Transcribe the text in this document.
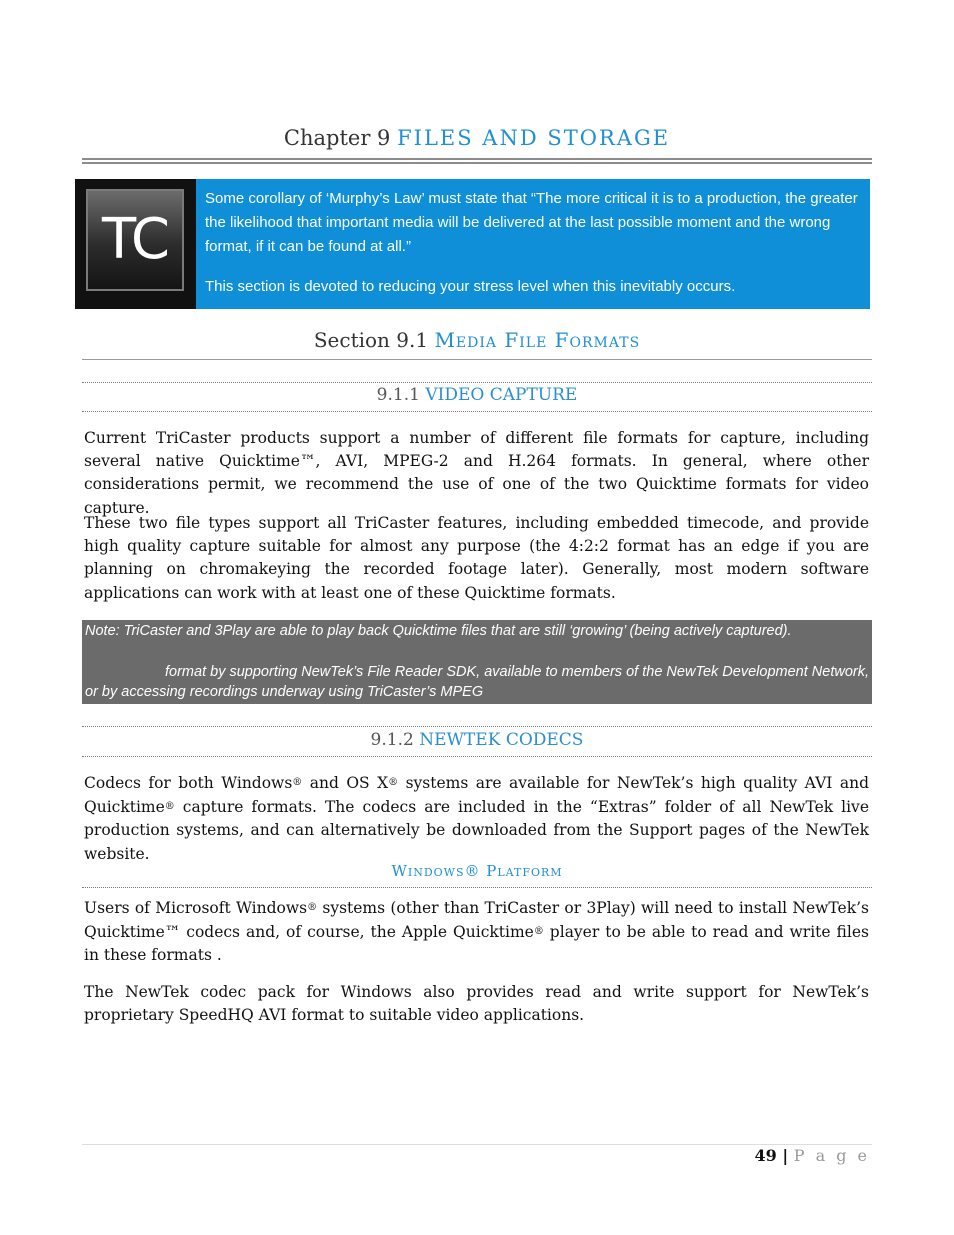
Chapter 9 FILES AND STORAGE
TC

Some corollary of ‘Murphy’s Law’ must state that “The more critical it is to a production, the greater the likelihood that important media will be delivered at the last possible moment and the wrong format, if it can be found at all.”

This section is devoted to reducing your stress level when this inevitably occurs.

Section 9.1 Media File Formats
9.1.1 VIDEO CAPTURE

Current TriCaster products support a number of different file formats for capture, including several native Quicktime™, AVI, MPEG-2 and H.264 formats. In general, where other considerations permit, we recommend the use of one of the two Quicktime formats for video capture.

These two file types support all TriCaster features, including embedded timecode, and provide high quality capture suitable for almost any purpose (the 4:2:2 format has an edge if you are planning on chromakeying the recorded footage later). Generally, most modern software applications can work with at least one of these Quicktime formats.

Note: TriCaster and 3Play are able to play back Quicktime files that are still ‘growing’ (being actively captured).

format by supporting NewTek’s File Reader SDK, available to members of the NewTek Development Network, or by accessing recordings underway using TriCaster’s MPEG

9.1.2 NEWTEK CODECS

Codecs for both Windows® and OS X® systems are available for NewTek’s high quality AVI and Quicktime® capture formats. The codecs are included in the “Extras” folder of all NewTek live production systems, and can alternatively be downloaded from the Support pages of the NewTek website.

Windows® Platform

Users of Microsoft Windows® systems (other than TriCaster or 3Play) will need to install NewTek’s Quicktime™ codecs and, of course, the Apple Quicktime® player to be able to read and write files in these formats .

The NewTek codec pack for Windows also provides read and write support for NewTek’s proprietary SpeedHQ AVI format to suitable video applications.

49 | P a g e
